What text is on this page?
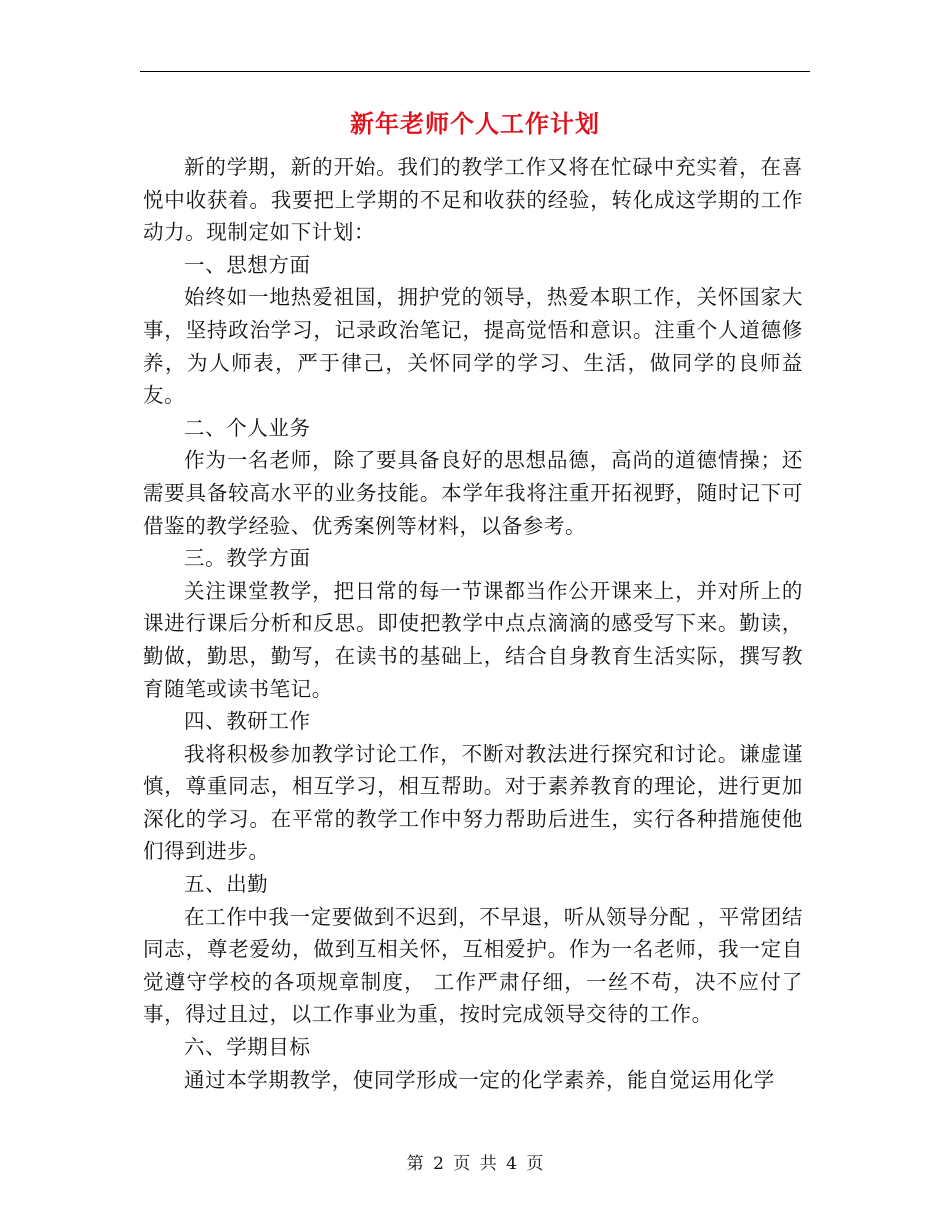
新年老师个人工作计划

新的学期，新的开始。我们的教学工作又将在忙碌中充实着，在喜悦中收获着。我要把上学期的不足和收获的经验，转化成这学期的工作动力。现制定如下计划：

一、思想方面

始终如一地热爱祖国，拥护党的领导，热爱本职工作，关怀国家大事，坚持政治学习，记录政治笔记，提高觉悟和意识。注重个人道德修养，为人师表，严于律己，关怀同学的学习、生活，做同学的良师益友。

二、个人业务

作为一名老师，除了要具备良好的思想品德，高尚的道德情操；还需要具备较高水平的业务技能。本学年我将注重开拓视野，随时记下可借鉴的教学经验、优秀案例等材料，以备参考。

三。教学方面

关注课堂教学，把日常的每一节课都当作公开课来上，并对所上的课进行课后分析和反思。即使把教学中点点滴滴的感受写下来。勤读，勤做，勤思，勤写，在读书的基础上，结合自身教育生活实际，撰写教育随笔或读书笔记。

四、教研工作

我将积极参加教学讨论工作，不断对教法进行探究和讨论。谦虚谨慎，尊重同志，相互学习，相互帮助。对于素养教育的理论，进行更加深化的学习。在平常的教学工作中努力帮助后进生，实行各种措施使他们得到进步。

五、出勤

在工作中我一定要做到不迟到，不早退，听从领导分配 ，平常团结同志，尊老爱幼，做到互相关怀，互相爱护。作为一名老师，我一定自觉遵守学校的各项规章制度， 工作严肃仔细，一丝不苟，决不应付了事，得过且过，以工作事业为重，按时完成领导交待的工作。

六、学期目标

通过本学期教学，使同学形成一定的化学素养，能自觉运用化学

第 2 页 共 4 页
